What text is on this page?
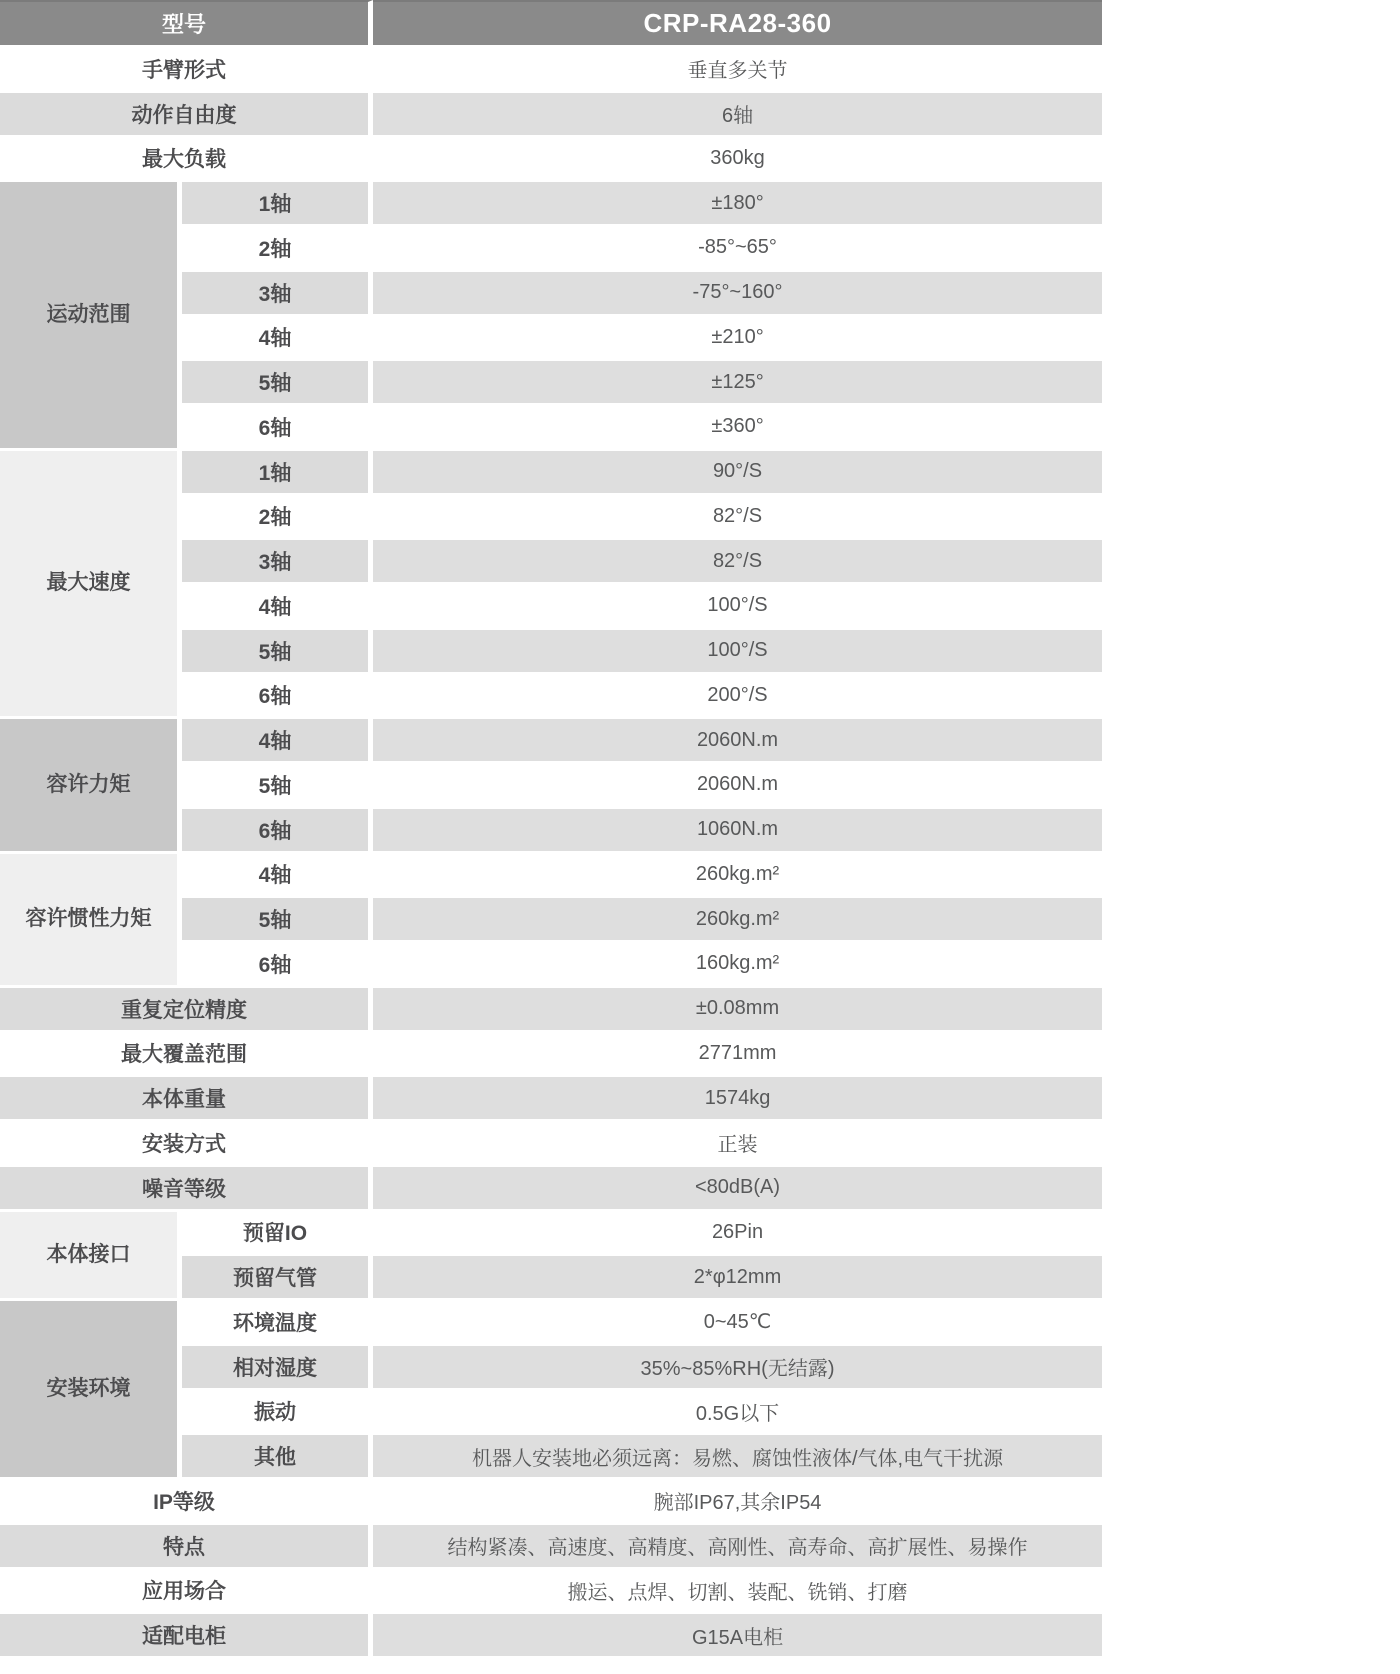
型号		CRP-RA28-360
手臂形式		垂直多关节
动作自由度		6轴
最大负载		360kg
运动范围	1轴	±180°
	2轴	-85°~65°
	3轴	-75°~160°
	4轴	±210°
	5轴	±125°
	6轴	±360°
最大速度	1轴	90°/S
	2轴	82°/S
	3轴	82°/S
	4轴	100°/S
	5轴	100°/S
	6轴	200°/S
容许力矩	4轴	2060N.m
	5轴	2060N.m
	6轴	1060N.m
容许惯性力矩	4轴	260kg.m²
	5轴	260kg.m²
	6轴	160kg.m²
重复定位精度		±0.08mm
最大覆盖范围		2771mm
本体重量		1574kg
安装方式		正装
噪音等级		<80dB(A)
本体接口	预留IO	26Pin
	预留气管	2*φ12mm
安装环境	环境温度	0~45℃
	相对湿度	35%~85%RH(无结露)
	振动	0.5G以下
	其他	机器人安装地必须远离：易燃、腐蚀性液体/气体,电气干扰源
IP等级		腕部IP67,其余IP54
特点		结构紧凑、高速度、高精度、高刚性、高寿命、高扩展性、易操作
应用场合		搬运、点焊、切割、装配、铣销、打磨
适配电柜		G15A电柜
